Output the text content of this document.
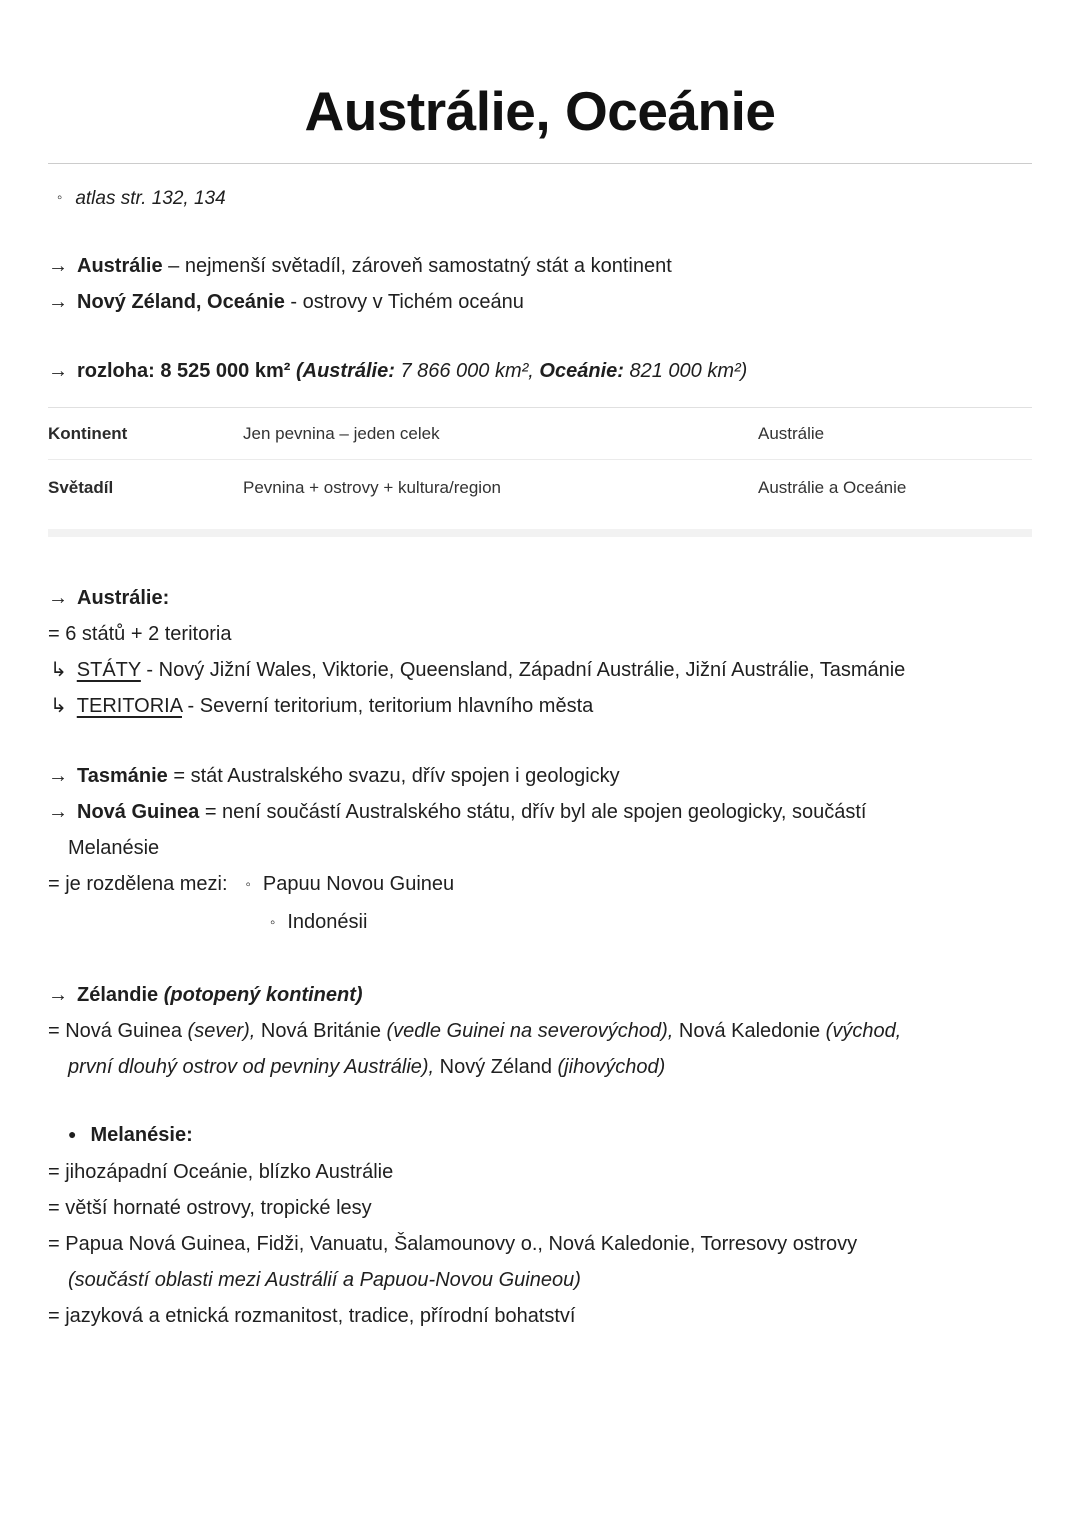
Austrálie, Oceánie
◦ atlas str. 132, 134

→ Austrálie – nejmenší světadíl, zároveň samostatný stát a kontinent

→ Nový Zéland, Oceánie - ostrovy v Tichém oceánu

→ rozloha: 8 525 000 km² (Austrálie: 7 866 000 km², Oceánie: 821 000 km²)

Kontinent	Jen pevnina – jeden celek	Austrálie
Světadíl	Pevnina + ostrovy + kultura/region	Austrálie a Oceánie

→ Austrálie:

= 6 států + 2 teritoria

↳ STÁTY - Nový Jižní Wales, Viktorie, Queensland, Západní Austrálie, Jižní Austrálie, Tasmánie

↳ TERITORIA - Severní teritorium, teritorium hlavního města

→ Tasmánie = stát Australského svazu, dřív spojen i geologicky

→ Nová Guinea = není součástí Australského státu, dřív byl ale spojen geologicky, součástí

Melanésie

= je rozdělena mezi: ◦ Papuu Novou Guineu

◦ Indonésii

→ Zélandie (potopený kontinent)

= Nová Guinea (sever), Nová Británie (vedle Guinei na severovýchod), Nová Kaledonie (východ,

první dlouhý ostrov od pevniny Austrálie), Nový Zéland (jihovýchod)

● Melanésie:

= jihozápadní Oceánie, blízko Austrálie

= větší hornaté ostrovy, tropické lesy

= Papua Nová Guinea, Fidži, Vanuatu, Šalamounovy o., Nová Kaledonie, Torresovy ostrovy

(součástí oblasti mezi Austrálií a Papuou-Novou Guineou)

= jazyková a etnická rozmanitost, tradice, přírodní bohatství
